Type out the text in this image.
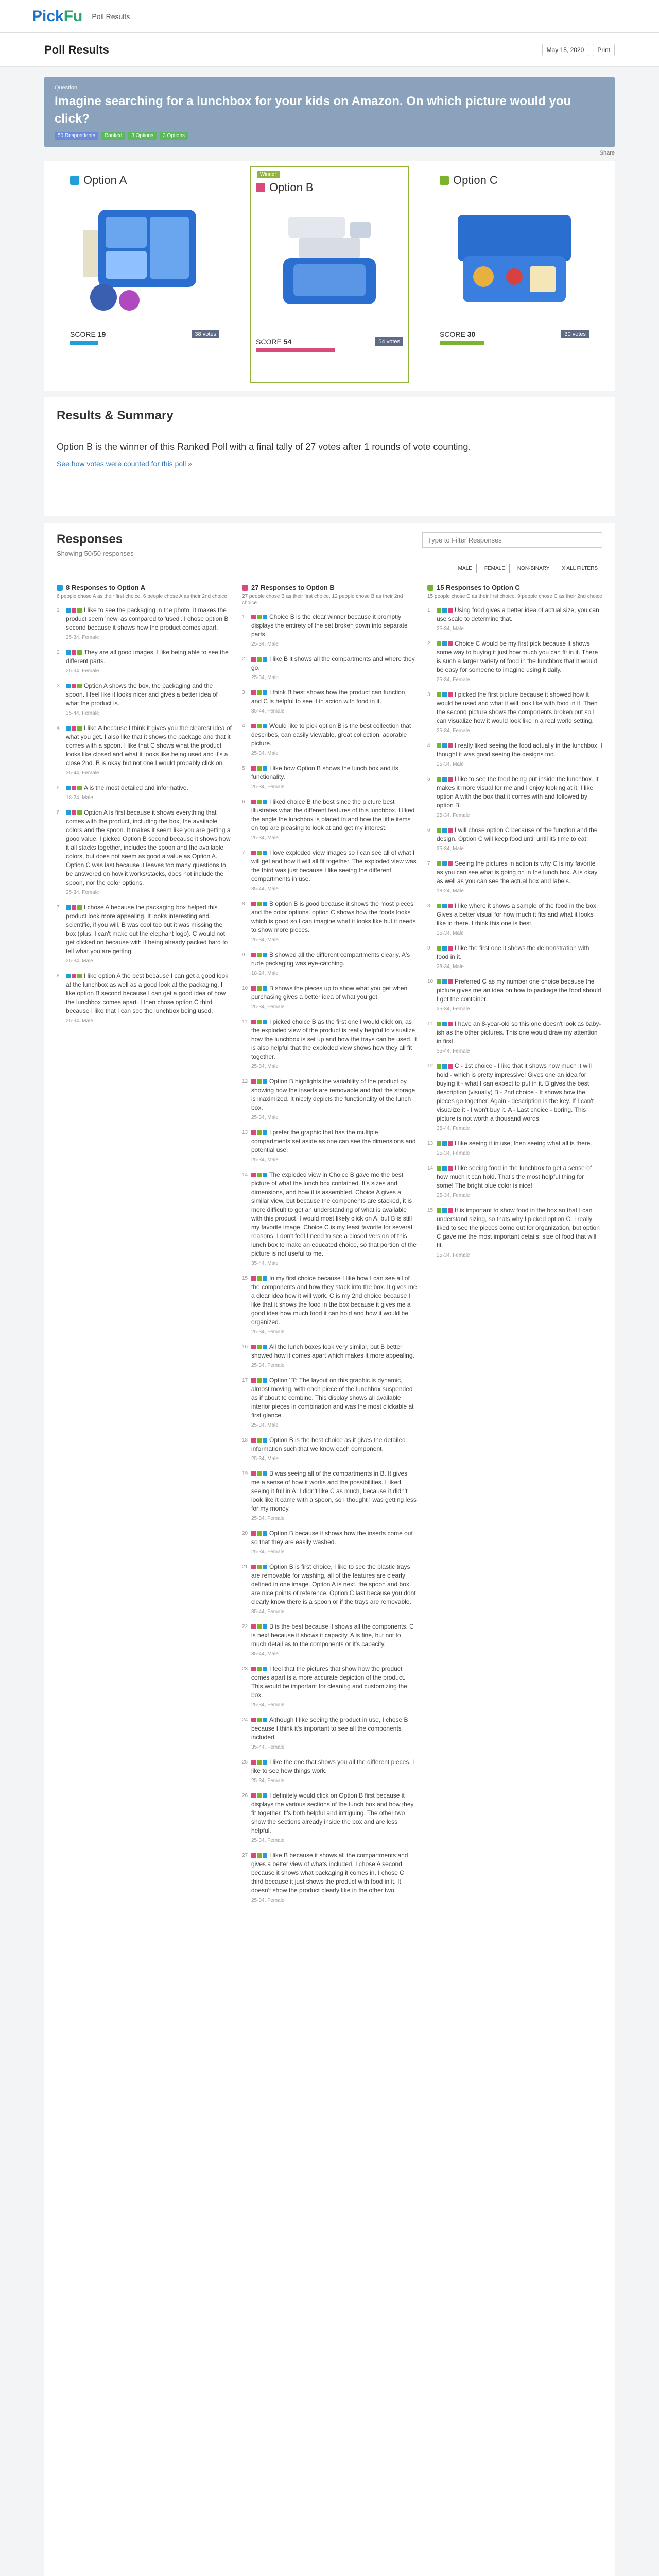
PickFu Poll Results
Poll Results	May 15, 2020	Print
Question
Imagine searching for a lunchbox for your kids on Amazon. On which picture would you click?
50 Respondents	Ranked	3 Options	3 Options
Share
Option A
SCORE 19	38 votes
Winner
Option B
SCORE 54	54 votes
Option C
SCORE 30	30 votes
Results & Summary

Option B is the winner of this Ranked Poll with a final tally of 27 votes after 1 rounds of vote counting.

See how votes were counted for this poll »
Responses
Showing 50/50 responses
Type to Filter Responses
MALE	FEMALE	NON-BINARY	X ALL FILTERS
8 Responses to Option A
6 people chose A as their first choice, 6 people chose A as their 2nd choice
1	I like to see the packaging in the photo. It makes the product seem 'new' as compared to 'used'. I chose option B second because it shows how the product comes apart.
25-34, Female
2	They are all good images. I like being able to see the different parts.
25-34, Female
3	Option A shows the box, the packaging and the spoon. I feel like it looks nicer and gives a better idea of what the product is.
35-44, Female
4	I like A because I think it gives you the clearest idea of what you get. I also like that it shows the package and that it comes with a spoon. I like that C shows what the product looks like closed and what it looks like being used and it's a close 2nd. B is okay but not one I would probably click on.
35-44, Female
5	A is the most detailed and informative.
18-24, Male
6	Option A is first because it shows everything that comes with the product, including the box, the available colors and the spoon. It makes it seem like you are getting a good value. I picked Option B second because it shows how it all stacks together, includes the spoon and the available colors, but does not seem as good a value as Option A. Option C was last because it leaves too many questions to be answered on how it works/stacks, does not include the spoon, nor the color options.
25-34, Female
7	I chose A because the packaging box helped this product look more appealing. It looks interesting and scientific, if you will. B was cool too but it was missing the box (plus, I can't make out the elephant logo). C would not get clicked on because with it being already packed hard to tell what you are getting.
25-34, Male
8	I like option A the best because I can get a good look at the lunchbox as well as a good look at the packaging. I like option B second because I can get a good idea of how the lunchbox comes apart. I then chose option C third because I like that I can see the lunchbox being used.
25-34, Male
27 Responses to Option B
27 people chose B as their first choice, 12 people chose B as their 2nd choice
1	Choice B is the clear winner because it promptly displays the entirety of the set broken down into separate parts.
25-34, Male
2	I like B it shows all the compartments and where they go.
25-34, Male
3	I think B best shows how the product can function, and C is helpful to see it in action with food in it.
35-44, Female
4	Would like to pick option B is the best collection that describes, can easily viewable, great collection, adorable picture.
25-34, Male
5	I like how Option B shows the lunch box and its functionality.
25-34, Female
6	I liked choice B the best since the picture best illustrates what the different features of this lunchbox. I liked the angle the lunchbox is placed in and how the little items on top are pleasing to look at and get my interest.
25-34, Male
7	I love exploded view images so I can see all of what I will get and how it will all fit together. The exploded view was the third was just because I like seeing the different compartments in use.
35-44, Male
8	B option B is good because it shows the most pieces and the color options. option C shows how the foods looks which is good so I can imagine what it looks like but it needs to show more pieces.
25-34, Male
9	B showed all the different compartments clearly. A's rude packaging was eye-catching.
18-24, Male
10	B shows the pieces up to show what you get when purchasing gives a better idea of what you get.
25-34, Female
11	I picked choice B as the first one I would click on, as the exploded view of the product is really helpful to visualize how the lunchbox is set up and how the trays can be used. It is also helpful that the exploded view shows how they all fit together.
25-34, Male
12	Option B highlights the variability of the product by showing how the inserts are removable and that the storage is maximized. It nicely depicts the functionality of the lunch box.
25-34, Male
13	I prefer the graphic that has the multiple compartments set aside as one can see the dimensions and potential use.
25-34, Male
14	The exploded view in Choice B gave me the best picture of what the lunch box contained. It's sizes and dimensions, and how it is assembled. Choice A gives a similar view, but because the components are stacked, it is more difficult to get an understanding of what is available with this product. I would most likely click on A, but B is still my favorite image. Choice C is my least favorite for several reasons. I don't feel I need to see a closed version of this lunch box to make an educated choice, so that portion of the picture is not useful to me.
35-44, Male
15	In my first choice because I like how I can see all of the components and how they stack into the box. It gives me a clear idea how it will work. C is my 2nd choice because I like that it shows the food in the box because it gives me a good idea how much food it can hold and how it would be organized.
25-34, Female
16	All the lunch boxes look very similar, but B better showed how it comes apart which makes it more appealing.
25-34, Female
17	Option 'B': The layout on this graphic is dynamic, almost moving, with each piece of the lunchbox suspended as if about to combine. This display shows all available interior pieces in combination and was the most clickable at first glance.
25-34, Male
18	Option B is the best choice as it gives the detailed information such that we know each component.
25-34, Male
19	B was seeing all of the compartments in B. It gives me a sense of how it works and the possibilities. I liked seeing it full in A; I didn't like C as much, because it didn't look like it came with a spoon, so I thought I was getting less for my money.
25-34, Female
20	Option B because it shows how the inserts come out so that they are easily washed.
25-34, Female
21	Option B is first choice, I like to see the plastic trays are removable for washing, all of the features are clearly defined in one image. Option A is next, the spoon and box are nice points of reference. Option C last because you dont clearly know there is a spoon or if the trays are removable.
35-44, Female
22	B is the best because it shows all the components. C is next because it shows it capacity. A is fine, but not to much detail as to the components or it's capacity.
35-44, Male
23	I feel that the pictures that show how the product comes apart is a more accurate depiction of the product. This would be important for cleaning and customizing the box.
25-34, Female
24	Although I like seeing the product in use, I chose B because I think it's important to see all the components included.
35-44, Female
25	I like the one that shows you all the different pieces. I like to see how things work.
25-34, Female
26	I definitely would click on Option B first because it displays the various sections of the lunch box and how they fit together. It's both helpful and intriguing. The other two show the sections already inside the box and are less helpful.
25-34, Female
27	I like B because it shows all the compartments and gives a better view of whats included. I chose A second because it shows what packaging it comes in. I chose C third because it just shows the product with food in it. It doesn't show the product clearly like in the other two.
25-34, Female
15 Responses to Option C
15 people chose C as their first choice, 9 people chose C as their 2nd choice
1	Using food gives a better idea of actual size, you can use scale to determine that.
25-34, Male
2	Choice C would be my first pick because it shows some way to buying it just how much you can fit in it. There is such a larger variety of food in the lunchbox that it would be easy for someone to imagine using it daily.
25-34, Female
3	I picked the first picture because it showed how it would be used and what it will look like with food in it. Then the second picture shows the components broken out so I can visualize how it would look like in a real world setting.
25-34, Female
4	I really liked seeing the food actually in the lunchbox. I thought it was good seeing the designs too.
25-34, Male
5	I like to see the food being put inside the lunchbox. It makes it more visual for me and I enjoy looking at it. I like option A with the box that it comes with and followed by option B.
25-34, Female
6	I will chose option C because of the function and the design. Option C will keep food until until its time to eat.
25-34, Male
7	Seeing the pictures in action is why C is my favorite as you can see what is going on in the lunch box. A is okay as well as you can see the actual box and labels.
18-24, Male
8	I like where it shows a sample of the food in the box. Gives a better visual for how much it fits and what it looks like in there. I think this one is best.
25-34, Male
9	I like the first one it shows the demonstration with food in it.
25-34, Male
10	Preferred C as my number one choice because the picture gives me an idea on how to package the food should I get the container.
25-34, Female
11	I have an 8-year-old so this one doesn't look as baby-ish as the other pictures. This one would draw my attention in first.
35-44, Female
12	C - 1st choice - I like that it shows how much it will hold - which is pretty impressive! Gives one an idea for buying it - what I can expect to put in it. B gives the best description (visually) B - 2nd choice - It shows how the pieces go together. Again - description is the key. If I can't visualize it - I won't buy it. A - Last choice - boring. This picture is not worth a thousand words.
35-44, Female
13	I like seeing it in use, then seeing what all is there.
25-34, Female
14	I like seeing food in the lunchbox to get a sense of how much it can hold. That's the most helpful thing for some! The bright blue color is nice!
25-34, Female
15	It is important to show food in the box so that I can understand sizing, so thats why I picked option C. I really liked to see the pieces come out for organization, but option C gave me the most important details: size of food that will fit.
25-34, Female
